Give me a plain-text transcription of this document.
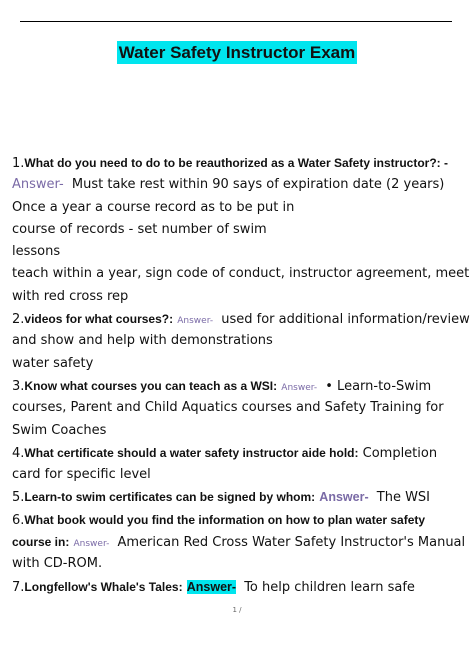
Water Safety Instructor Exam
1.What do you need to do to be reauthorized as a Water Safety instructor?: -
Answer- Must take rest within 90 says of expiration date (2 years)
Once a year a course record as to be put in
course of records - set number of swim
lessons
teach within a year, sign code of conduct, instructor agreement, meet
with red cross rep
2.videos for what courses?: Answer- used for additional information/review
and show and help with demonstrations
water safety
3.Know what courses you can teach as a WSI: Answer- • Learn-to-Swim
courses, Parent and Child Aquatics courses and Safety Training for
Swim Coaches
4.What certificate should a water safety instructor aide hold: Completion
card for specific level
5.Learn-to swim certificates can be signed by whom: Answer- The WSI
6.What book would you find the information on how to plan water safety
course in: Answer- American Red Cross Water Safety Instructor's Manual
with CD-ROM.
7.Longfellow's Whale's Tales: Answer- To help children learn safe
1 /
